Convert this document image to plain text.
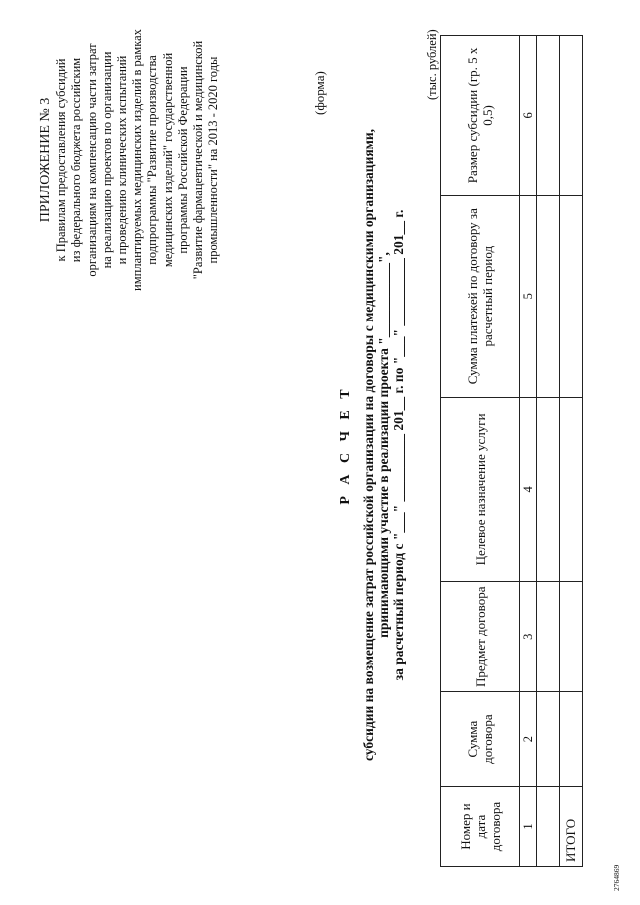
ПРИЛОЖЕНИЕ № 3 к Правилам предоставления субсидий из федерального бюджета российским организациям на компенсацию части затрат на реализацию проектов по организации и проведению клинических испытаний имплантируемых медицинских изделий в рамках подпрограммы "Развитие производства медицинских изделий" государственной программы Российской Федерации "Развитие фармацевтической и медицинской промышленности" на 2013 - 2020 годы	(форма)
Р А С Ч Е Т субсидии на возмещение затрат российской организации на договоры с медицинскими организациями, принимающими участие в реализации проекта "___________", за расчетный период с "___" __________ 201__ г. по "___" __________ 201__ г.
(тыс. рублей)
Номер и дата договора	Сумма договора	Предмет договора	Целевое назначение услуги	Сумма платежей по договору за расчетный период	Размер субсидии (гр. 5 x 0,5)
1	2	3	4	5	6

ИТОГО					
2764869
